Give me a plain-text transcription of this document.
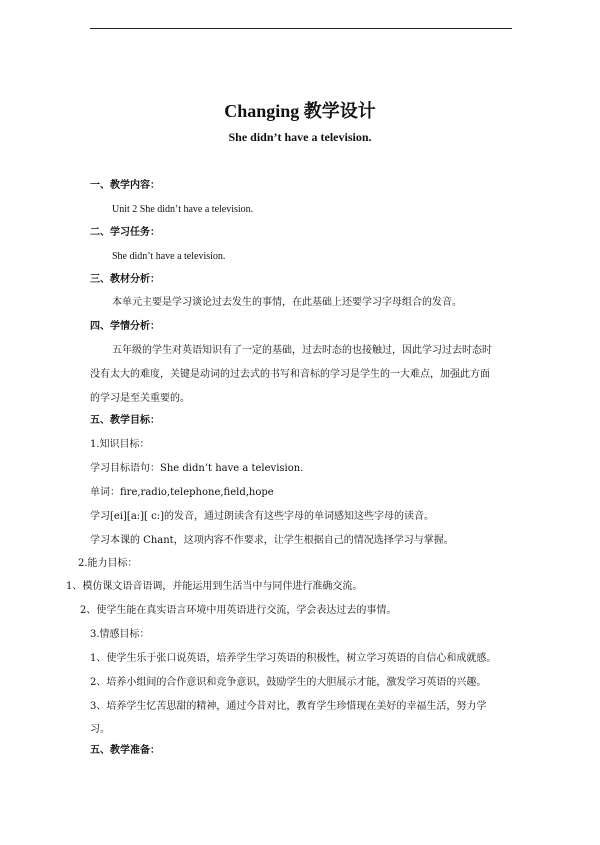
Changing 教学设计
She didn’t have a television.
一、教学内容：
Unit 2 She didn’t have a television.
二、学习任务：
She didn’t have a television.
三、教材分析：
本单元主要是学习谈论过去发生的事情，在此基础上还要学习字母组合的发音。
四、学情分析：
五年级的学生对英语知识有了一定的基础，过去时态的也接触过，因此学习过去时态时
没有太大的难度，关键是动词的过去式的书写和音标的学习是学生的一大难点，加强此方面
的学习是至关重要的。
五、教学目标：
1.知识目标：
学习目标语句：She didn’t have a television.
单词：fire,radio,telephone,field,hope
学习[ei][a:][ c:]的发音，通过朗读含有这些字母的单词感知这些字母的读音。
学习本课的 Chant，这项内容不作要求，让学生根据自己的情况选择学习与掌握。
2.能力目标：
1、模仿课文语音语调，并能运用到生活当中与同伴进行准确交流。
2、使学生能在真实语言环境中用英语进行交流，学会表达过去的事情。
3.情感目标：
1、使学生乐于张口说英语，培养学生学习英语的积极性，树立学习英语的自信心和成就感。
2、培养小组间的合作意识和竞争意识，鼓励学生的大胆展示才能，激发学习英语的兴趣。
3、培养学生忆苦思甜的精神，通过今昔对比，教育学生珍惜现在美好的幸福生活，努力学
习。
五、教学准备：
